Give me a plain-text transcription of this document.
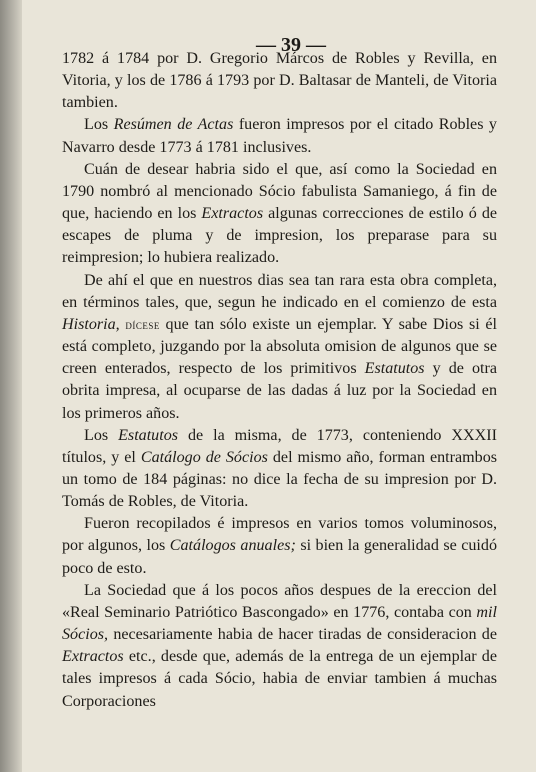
— 39 —

1782 á 1784 por D. Gregorio Márcos de Robles y Revilla, en Vitoria, y los de 1786 á 1793 por D. Baltasar de Manteli, de Vitoria tambien.

Los Resúmen de Actas fueron impresos por el citado Robles y Navarro desde 1773 á 1781 inclusives.

Cuán de desear habria sido el que, así como la Sociedad en 1790 nombró al mencionado Sócio fabulista Samaniego, á fin de que, haciendo en los Extractos algunas correcciones de estilo ó de escapes de pluma y de impresion, los preparase para su reimpresion; lo hubiera realizado.

De ahí el que en nuestros dias sea tan rara esta obra completa, en términos tales, que, segun he indicado en el comienzo de esta Historia, dícese que tan sólo existe un ejemplar. Y sabe Dios si él está completo, juzgando por la absoluta omision de algunos que se creen enterados, respecto de los primitivos Estatutos y de otra obrita impresa, al ocuparse de las dadas á luz por la Sociedad en los primeros años.

Los Estatutos de la misma, de 1773, conteniendo XXXII títulos, y el Catálogo de Sócios del mismo año, forman entrambos un tomo de 184 páginas: no dice la fecha de su impresion por D. Tomás de Robles, de Vitoria.

Fueron recopilados é impresos en varios tomos voluminosos, por algunos, los Catálogos anuales; si bien la generalidad se cuidó poco de esto.

La Sociedad que á los pocos años despues de la ereccion del «Real Seminario Patriótico Bascongado» en 1776, contaba con mil Sócios, necesariamente habia de hacer tiradas de consideracion de Extractos etc., desde que, además de la entrega de un ejemplar de tales impresos á cada Sócio, habia de enviar tambien á muchas Corporaciones
